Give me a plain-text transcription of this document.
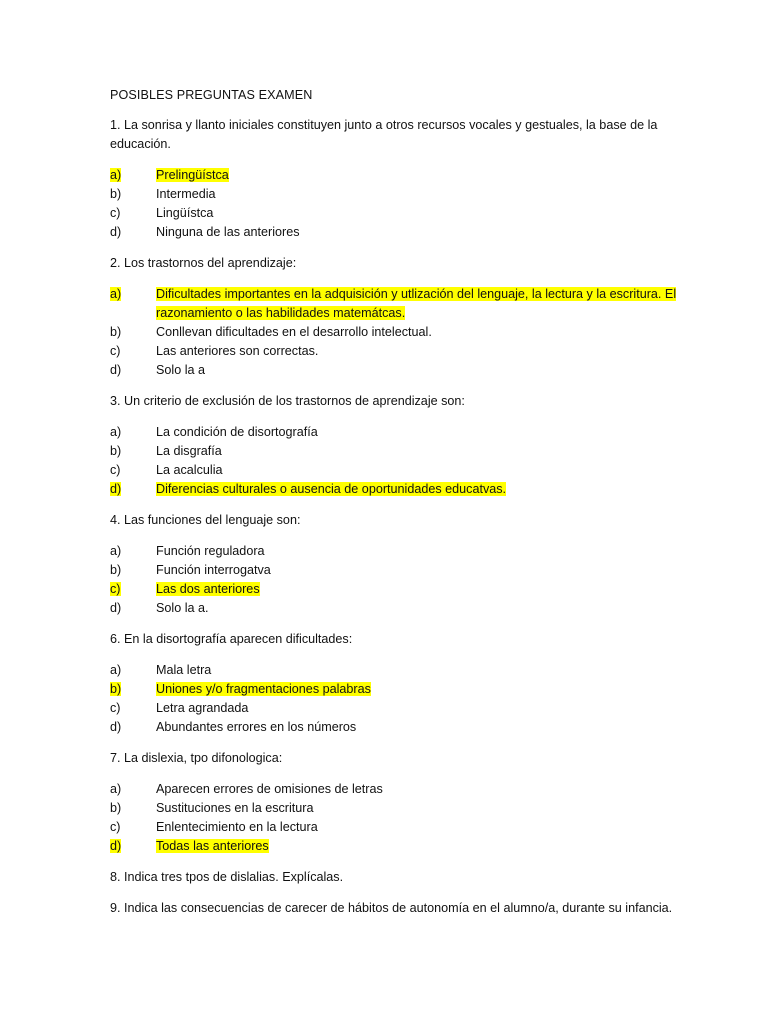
POSIBLES PREGUNTAS EXAMEN

1. La sonrisa y llanto iniciales constituyen junto a otros recursos vocales y gestuales, la base de la educación.

a)	Prelingüístca
b)	Intermedia
c)	Lingüístca
d)	Ninguna de las anteriores

2. Los trastornos del aprendizaje:

a)	Dificultades importantes en la adquisición y utlización del lenguaje, la lectura y la escritura. El razonamiento o las habilidades matemátcas.
b)	Conllevan dificultades en el desarrollo intelectual.
c)	Las anteriores son correctas.
d)	Solo la a

3. Un criterio de exclusión de los trastornos de aprendizaje son:

a)	La condición de disortografía
b)	La disgrafía
c)	La acalculia
d)	Diferencias culturales o ausencia de oportunidades educatvas.

4. Las funciones del lenguaje son:

a)	Función reguladora
b)	Función interrogatva
c)	Las dos anteriores
d)	Solo la a.

6. En la disortografía aparecen dificultades:

a)	Mala letra
b)	Uniones y/o fragmentaciones palabras
c)	Letra agrandada
d)	Abundantes errores en los números

7. La dislexia, tpo difonologica:

a)	Aparecen errores de omisiones de letras
b)	Sustituciones en la escritura
c)	Enlentecimiento en la lectura
d)	Todas las anteriores

8. Indica tres tpos de dislalias. Explícalas.

9. Indica las consecuencias de carecer de hábitos de autonomía en el alumno/a, durante su infancia.
